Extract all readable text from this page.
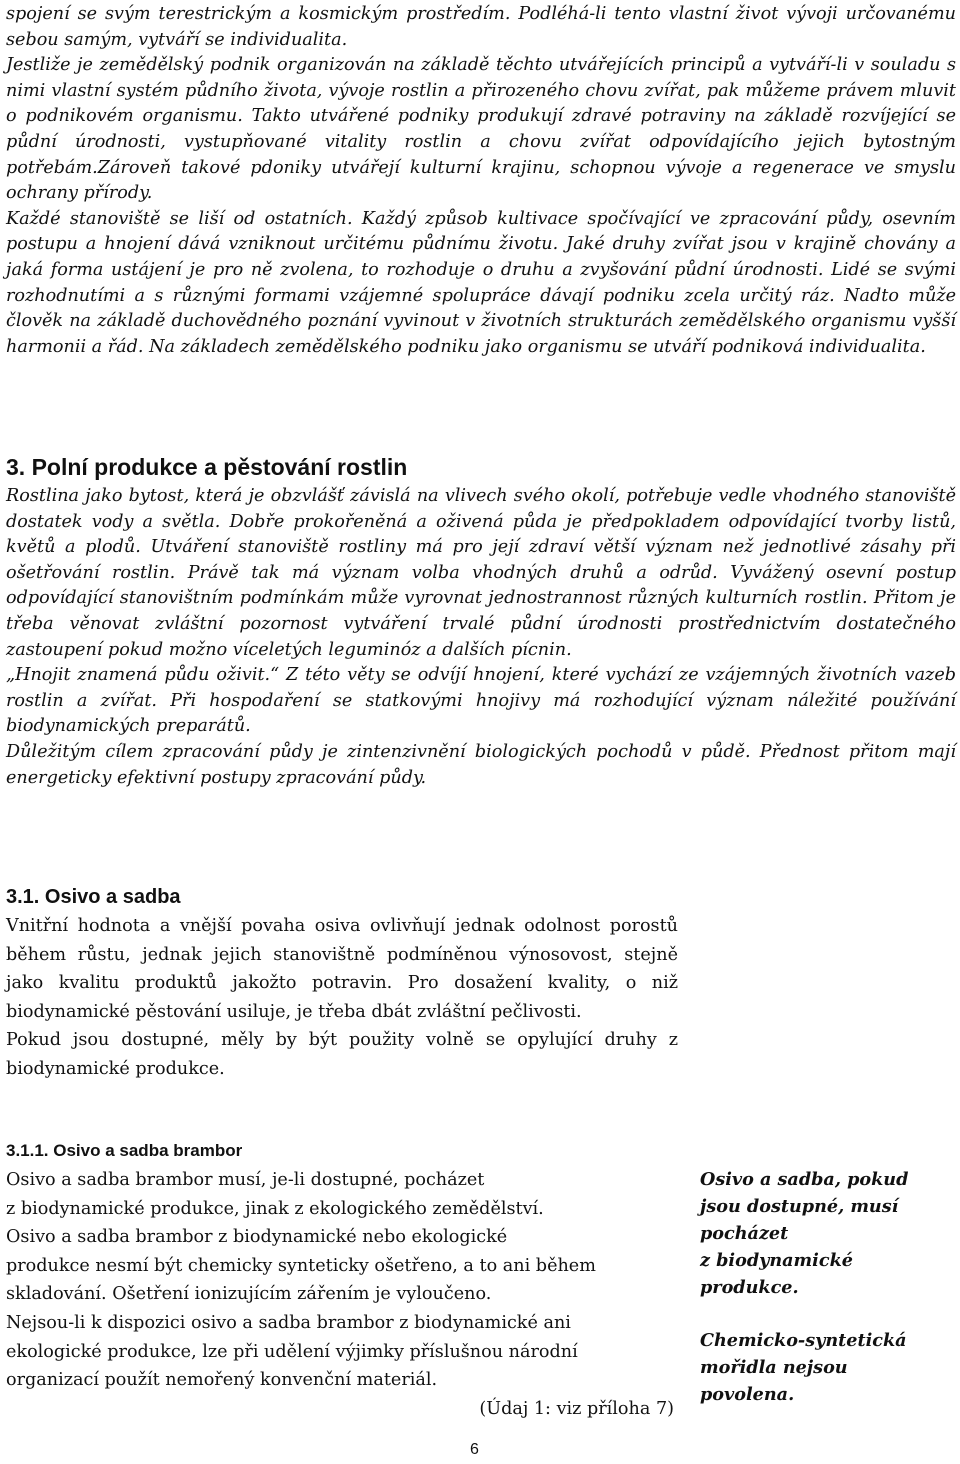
spojení se svým terestrickým a kosmickým prostředím. Podléhá-li tento vlastní život vývoji určovanému sebou samým, vytváří se individualita.

Jestliže je zemědělský podnik organizován na základě těchto utvářejících principů a vytváří-li v souladu s nimi vlastní systém půdního života, vývoje rostlin a přirozeného chovu zvířat, pak můžeme právem mluvit o podnikovém organismu. Takto utvářené podniky produkují zdravé potraviny na základě rozvíjející se půdní úrodnosti, vystupňované vitality rostlin a chovu zvířat odpovídajícího jejich bytostným potřebám.Zároveň takové pdoniky utvářejí kulturní krajinu, schopnou vývoje a regenerace ve smyslu ochrany přírody.

Každé stanoviště se liší od ostatních. Každý způsob kultivace spočívající ve zpracování půdy, osevním postupu a hnojení dává vzniknout určitému půdnímu životu. Jaké druhy zvířat jsou v krajině chovány a jaká forma ustájení je pro ně zvolena, to rozhoduje o druhu a zvyšování půdní úrodnosti. Lidé se svými rozhodnutími a s různými formami vzájemné spolupráce dávají podniku zcela určitý ráz. Nadto může člověk na základě duchovědného poznání vyvinout v životních strukturách zemědělského organismu vyšší harmonii a řád. Na základech zemědělského podniku jako organismu se utváří podniková individualita.

3. Polní produkce a pěstování rostlin

Rostlina jako bytost, která je obzvlášť závislá na vlivech svého okolí, potřebuje vedle vhodného stanoviště dostatek vody a světla. Dobře prokořeněná a oživená půda je předpokladem odpovídající tvorby listů, květů a plodů. Utváření stanoviště rostliny má pro její zdraví větší význam než jednotlivé zásahy při ošetřování rostlin. Právě tak má význam volba vhodných druhů a odrůd. Vyvážený osevní postup odpovídající stanovištním podmínkám může vyrovnat jednostrannost různých kulturních rostlin. Přitom je třeba věnovat zvláštní pozornost vytváření trvalé půdní úrodnosti prostřednictvím dostatečného zastoupení pokud možno víceletých leguminóz a dalších pícnin.

„Hnojit znamená půdu oživit.“ Z této věty se odvíjí hnojení, které vychází ze vzájemných životních vazeb rostlin a zvířat. Při hospodaření se statkovými hnojivy má rozhodující význam náležité používání biodynamických preparátů.

Důležitým cílem zpracování půdy je zintenzivnění biologických pochodů v půdě. Přednost přitom mají energeticky efektivní postupy zpracování půdy.

3.1. Osivo a sadba

Vnitřní hodnota a vnější povaha osiva ovlivňují jednak odolnost porostů během růstu, jednak jejich stanovištně podmíněnou výnosovost, stejně jako kvalitu produktů jakožto potravin. Pro dosažení kvality, o niž biodynamické pěstování usiluje, je třeba dbát zvláštní pečlivosti.

Pokud jsou dostupné, měly by být použity volně se opylující druhy z biodynamické produkce.

3.1.1. Osivo a sadba brambor
Osivo a sadba brambor musí, je-li dostupné, pocházet
z biodynamické produkce, jinak z ekologického zemědělství.
Osivo a sadba brambor z biodynamické nebo ekologické
produkce nesmí být chemicky synteticky ošetřeno, a to ani během
skladování. Ošetření ionizujícím zářením je vyloučeno.
Nejsou-li k dispozici osivo a sadba brambor z biodynamické ani
ekologické produkce, lze při udělení výjimky příslušnou národní
organizací použít nemořený konvenční materiál.
(Údaj 1: viz příloha 7)
Osivo a sadba, pokud
jsou dostupné, musí
pocházet
z biodynamické
produkce.
Chemicko-syntetická
mořidla nejsou
povolena.
6
